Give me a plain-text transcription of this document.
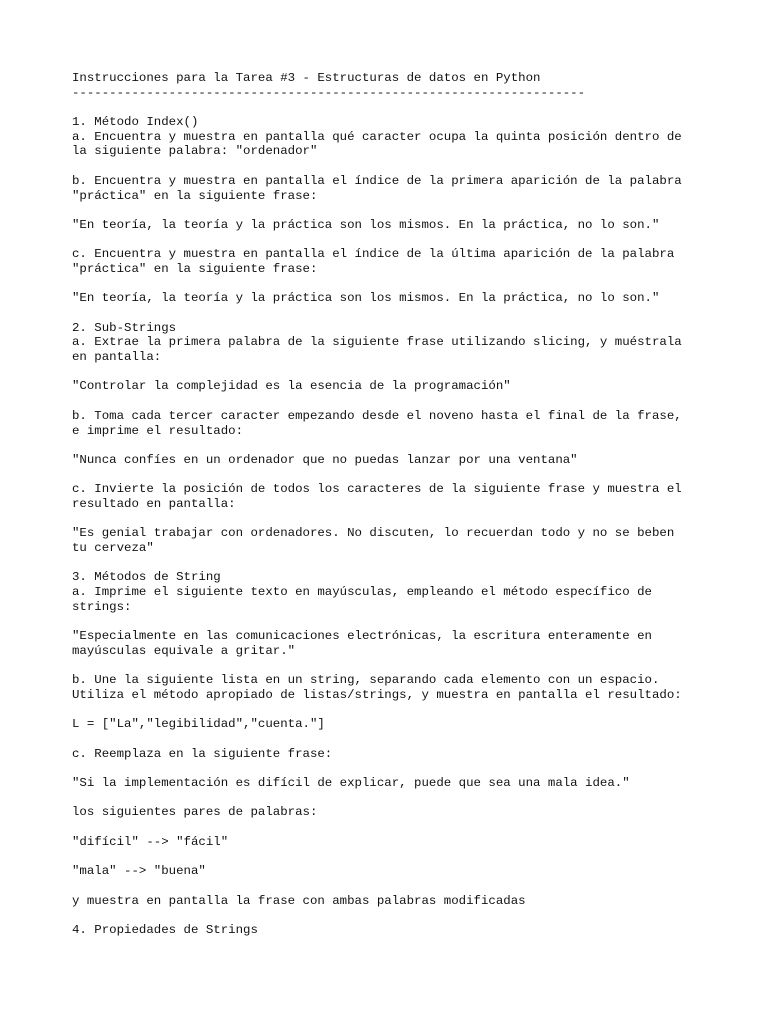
Instrucciones para la Tarea #3 - Estructuras de datos en Python
---------------------------------------------------------------------
1. Método Index()
a. Encuentra y muestra en pantalla qué caracter ocupa la quinta posición dentro de
la siguiente palabra: "ordenador"
b. Encuentra y muestra en pantalla el índice de la primera aparición de la palabra
"práctica" en la siguiente frase:
"En teoría, la teoría y la práctica son los mismos. En la práctica, no lo son."
c. Encuentra y muestra en pantalla el índice de la última aparición de la palabra
"práctica" en la siguiente frase:
"En teoría, la teoría y la práctica son los mismos. En la práctica, no lo son."
2. Sub-Strings
a. Extrae la primera palabra de la siguiente frase utilizando slicing, y muéstrala
en pantalla:
"Controlar la complejidad es la esencia de la programación"
b. Toma cada tercer caracter empezando desde el noveno hasta el final de la frase,
e imprime el resultado:
"Nunca confíes en un ordenador que no puedas lanzar por una ventana"
c. Invierte la posición de todos los caracteres de la siguiente frase y muestra el
resultado en pantalla:
"Es genial trabajar con ordenadores. No discuten, lo recuerdan todo y no se beben
tu cerveza"
3. Métodos de String
a. Imprime el siguiente texto en mayúsculas, empleando el método específico de
strings:
"Especialmente en las comunicaciones electrónicas, la escritura enteramente en
mayúsculas equivale a gritar."
b. Une la siguiente lista en un string, separando cada elemento con un espacio.
Utiliza el método apropiado de listas/strings, y muestra en pantalla el resultado:
L = ["La","legibilidad","cuenta."]
c. Reemplaza en la siguiente frase:
"Si la implementación es difícil de explicar, puede que sea una mala idea."
los siguientes pares de palabras:
"difícil" --> "fácil"
"mala" --> "buena"
y muestra en pantalla la frase con ambas palabras modificadas
4. Propiedades de Strings
